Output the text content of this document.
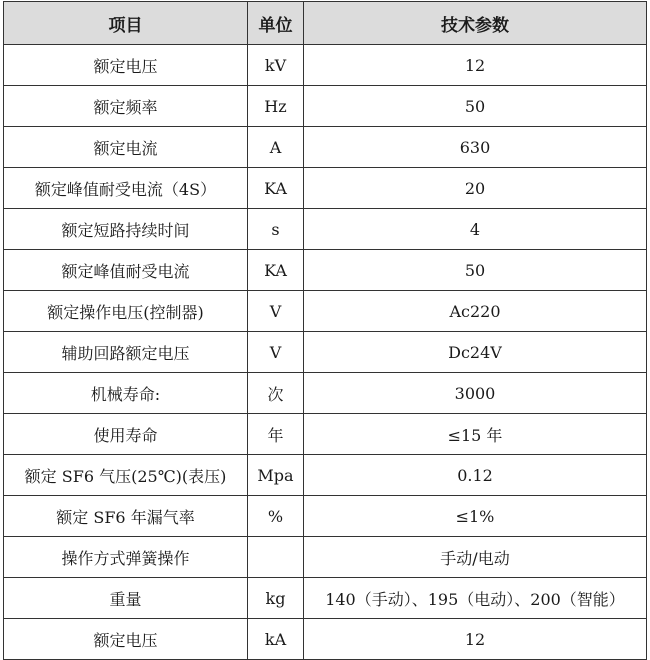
项目	单位	技术参数
额定电压	kV	12
额定频率	Hz	50
额定电流	A	630
额定峰值耐受电流（4S）	KA	20
额定短路持续时间	s	4
额定峰值耐受电流	KA	50
额定操作电压(控制器)	V	Ac220
辅助回路额定电压	V	Dc24V
机械寿命:	次	3000
使用寿命	年	≤15 年
额定 SF6 气压(25℃)(表压)	Mpa	0.12
额定 SF6 年漏气率	%	≤1%
操作方式弹簧操作		手动/电动
重量	kg	140（手动）、195（电动）、200（智能）
额定电压	kA	12
